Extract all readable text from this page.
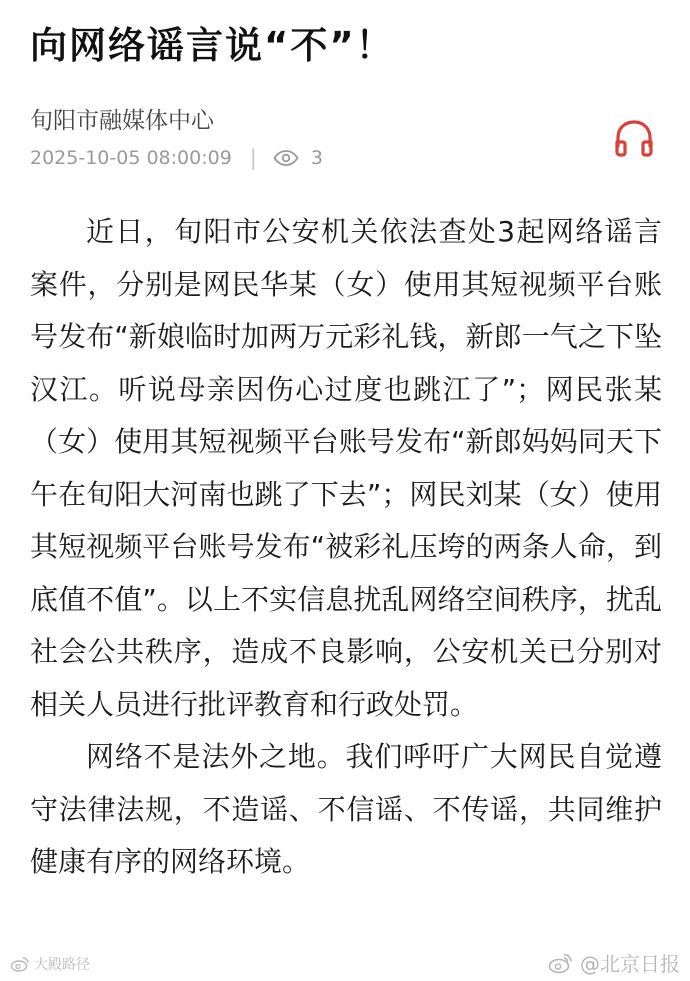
向网络谣言说“不”！
旬阳市融媒体中心
2025-10-05 08:00:09 |	3

近日，旬阳市公安机关依法查处3起网络谣言案件，分别是网民华某（女）使用其短视频平台账号发布“新娘临时加两万元彩礼钱，新郎一气之下坠汉江。听说母亲因伤心过度也跳江了”；网民张某（女）使用其短视频平台账号发布“新郎妈妈同天下午在旬阳大河南也跳了下去”；网民刘某（女）使用其短视频平台账号发布“被彩礼压垮的两条人命，到底值不值”。以上不实信息扰乱网络空间秩序，扰乱社会公共秩序，造成不良影响，公安机关已分别对相关人员进行批评教育和行政处罚。

网络不是法外之地。我们呼吁广大网民自觉遵守法律法规，不造谣、不信谣、不传谣，共同维护健康有序的网络环境。

大殿路径	@北京日报
